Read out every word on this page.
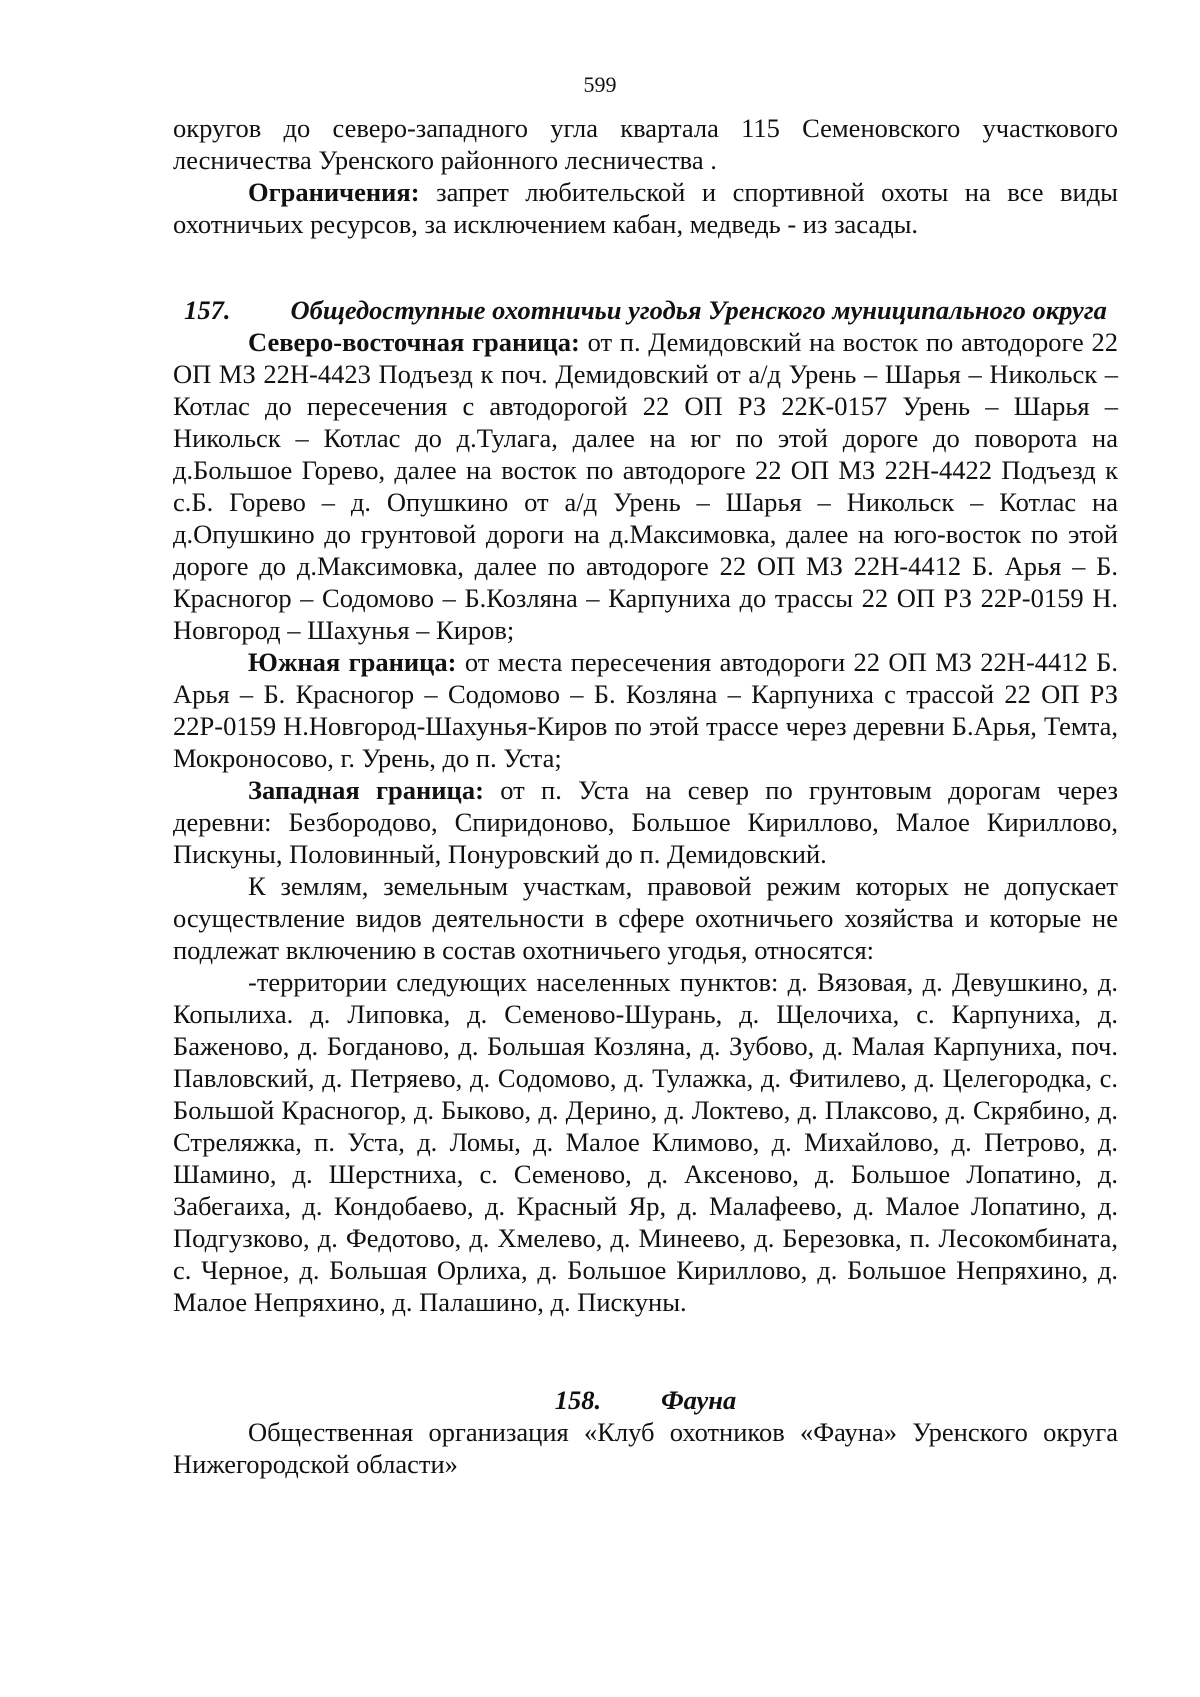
599

округов до северо-западного угла квартала 115 Семеновского участкового лесничества Уренского районного лесничества .

Ограничения: запрет любительской и спортивной охоты на все виды охотничьих ресурсов, за исключением кабан, медведь - из засады.

157. Общедоступные охотничьи угодья Уренского муниципального округа

Северо-восточная граница: от п. Демидовский на восток по автодороге 22 ОП МЗ 22Н-4423 Подъезд к поч. Демидовский от а/д Урень – Шарья – Никольск – Котлас до пересечения с автодорогой 22 ОП РЗ 22К-0157 Урень – Шарья – Никольск – Котлас до д.Тулага, далее на юг по этой дороге до поворота на д.Большое Горево, далее на восток по автодороге 22 ОП МЗ 22Н-4422 Подъезд к с.Б. Горево – д. Опушкино от а/д Урень – Шарья – Никольск – Котлас на д.Опушкино до грунтовой дороги на д.Максимовка, далее на юго-восток по этой дороге до д.Максимовка, далее по автодороге 22 ОП МЗ 22Н-4412 Б. Арья – Б. Красногор – Содомово – Б.Козляна – Карпуниха до трассы 22 ОП РЗ 22Р-0159 Н. Новгород – Шахунья – Киров;

Южная граница: от места пересечения автодороги 22 ОП МЗ 22Н-4412 Б. Арья – Б. Красногор – Содомово – Б. Козляна – Карпуниха с трассой 22 ОП РЗ 22Р-0159 Н.Новгород-Шахунья-Киров по этой трассе через деревни Б.Арья, Темта, Мокроносово, г. Урень, до п. Уста;

Западная граница: от п. Уста на север по грунтовым дорогам через деревни: Безбородово, Спиридоново, Большое Кириллово, Малое Кириллово, Пискуны, Половинный, Понуровский до п. Демидовский.

К землям, земельным участкам, правовой режим которых не допускает осуществление видов деятельности в сфере охотничьего хозяйства и которые не подлежат включению в состав охотничьего угодья, относятся:

-территории следующих населенных пунктов: д. Вязовая, д. Девушкино, д. Копылиха. д. Липовка, д. Семеново-Шурань, д. Щелочиха, с. Карпуниха, д. Баженово, д. Богданово, д. Большая Козляна, д. Зубово, д. Малая Карпуниха, поч. Павловский, д. Петряево, д. Содомово, д. Тулажка, д. Фитилево, д. Целегородка, с. Большой Красногор, д. Быково, д. Дерино, д. Локтево, д. Плаксово, д. Скрябино, д. Стреляжка, п. Уста, д. Ломы, д. Малое Климово, д. Михайлово, д. Петрово, д. Шамино, д. Шерстниха, с. Семеново, д. Аксеново, д. Большое Лопатино, д. Забегаиха, д. Кондобаево, д. Красный Яр, д. Малафеево, д. Малое Лопатино, д. Подгузково, д. Федотово, д. Хмелево, д. Минеево, д. Березовка, п. Лесокомбината, с. Черное, д. Большая Орлиха, д. Большое Кириллово, д. Большое Непряхино, д. Малое Непряхино, д. Палашино, д. Пискуны.

158. Фауна

Общественная организация «Клуб охотников «Фауна» Уренского округа Нижегородской области»
